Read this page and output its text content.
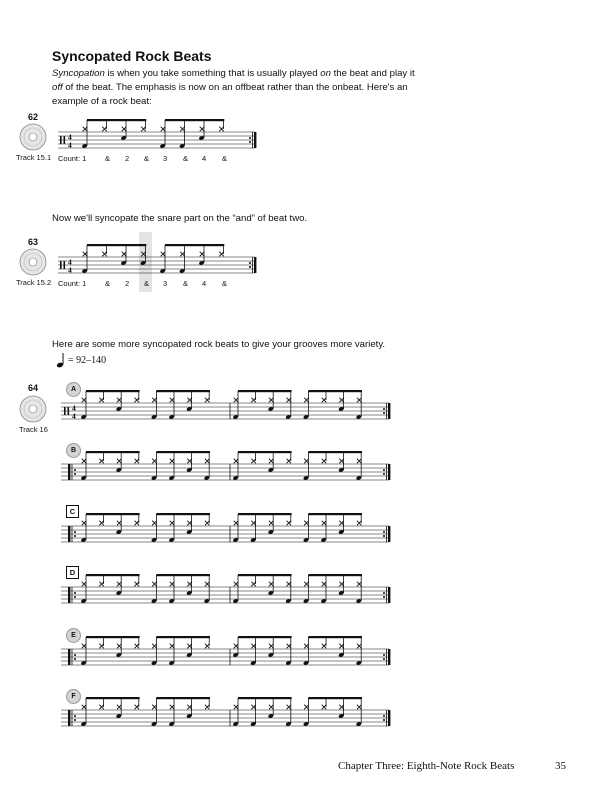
Syncopated Rock Beats
Syncopation is when you take something that is usually played on the beat and play it off of the beat. The emphasis is now on an offbeat rather than the onbeat. Here's an example of a rock beat:
62
Track 15.1
4
4
Count: 1 & 2 & 3 & 4 &
Now we'll syncopate the snare part on the “and” of beat two.
63
Track 15.2
4
4
Count: 1 & 2 & 3 & 4 &
Here are some more syncopated rock beats to give your grooves more variety.
= 92–140
64
Track 16
A
4
4
B
C
D
E
F
Chapter Three: Eighth-Note Rock Beats	35
